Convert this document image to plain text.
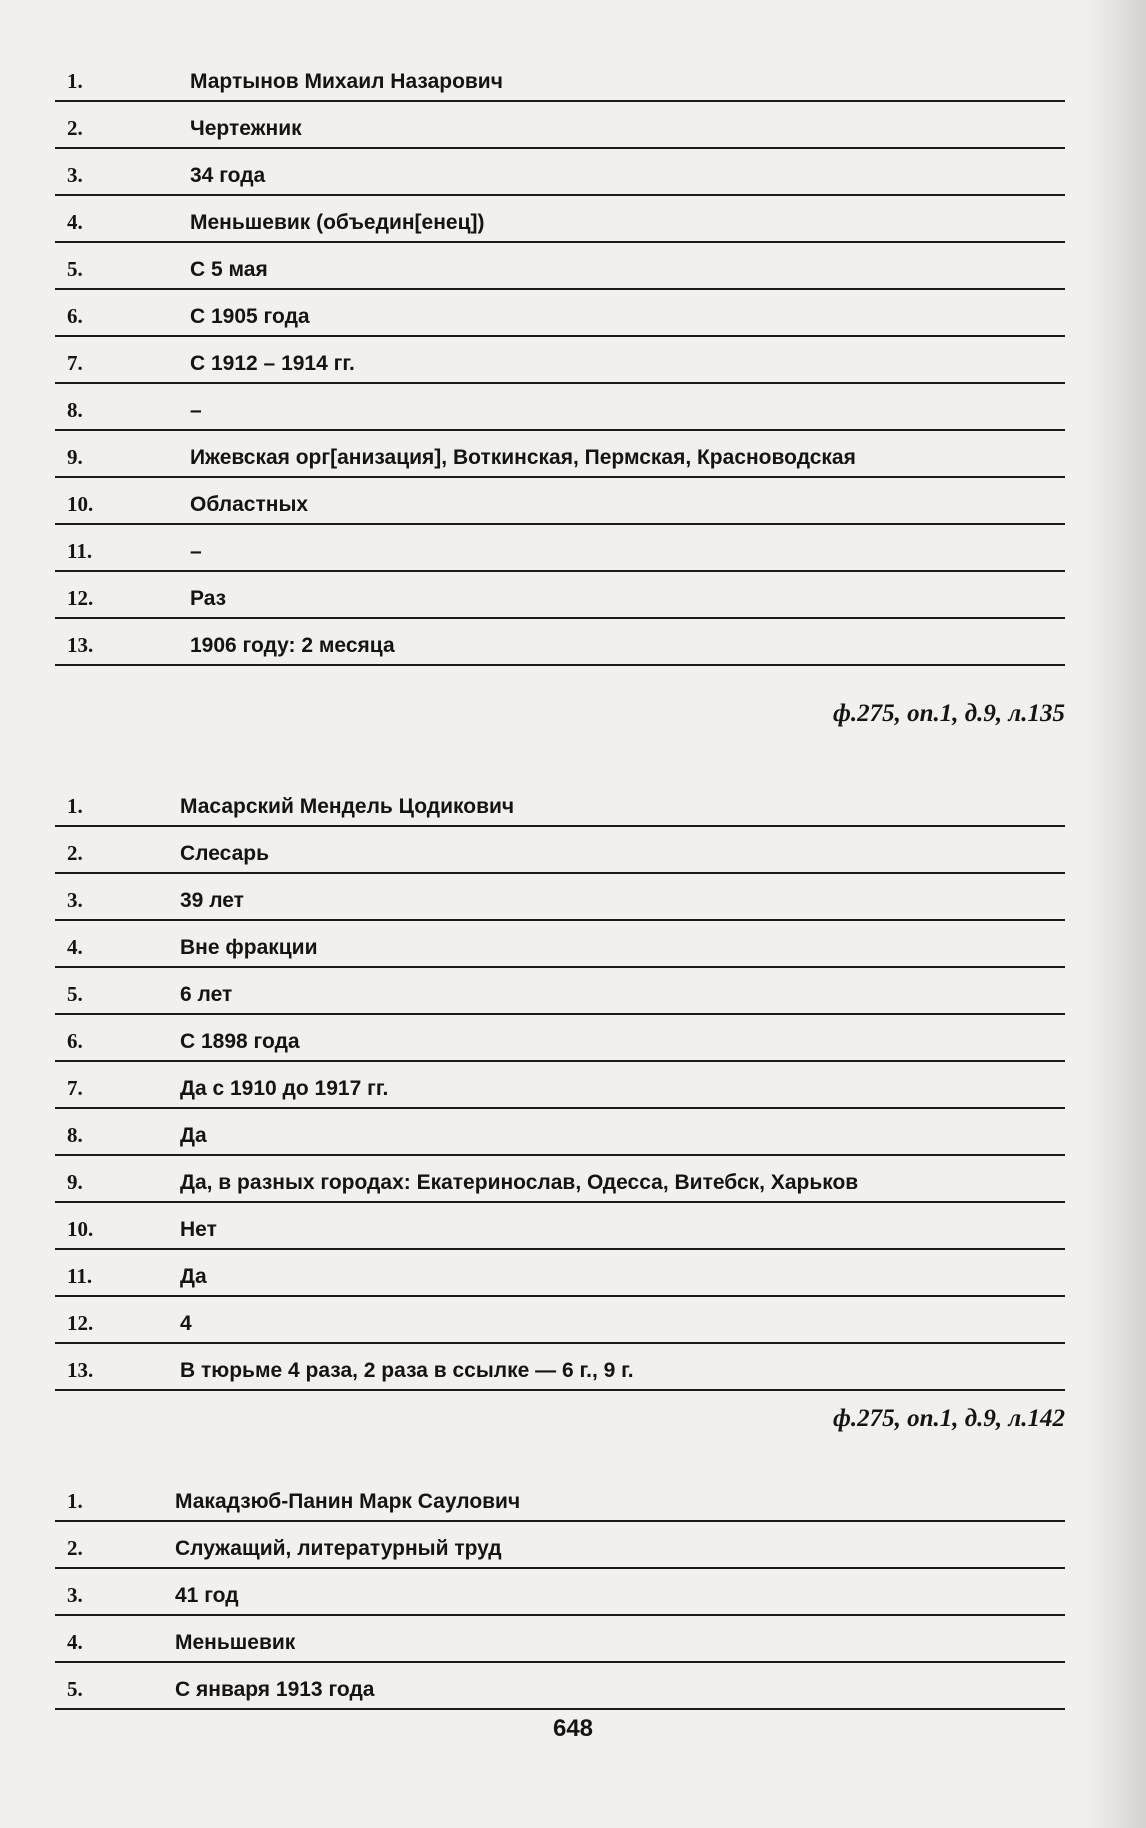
1.	Мартынов Михаил Назарович
2.	Чертежник
3.	34 года
4.	Меньшевик (объедин[енец])
5.	С 5 мая
6.	С 1905 года
7.	С 1912 – 1914 гг.
8.	–
9.	Ижевская орг[анизация], Воткинская, Пермская, Красноводская
10.	Областных
11.	–
12.	Раз
13.	1906 году: 2 месяца
ф.275, оп.1, д.9, л.135
1.	Масарский Мендель Цодикович
2.	Слесарь
3.	39 лет
4.	Вне фракции
5.	6 лет
6.	С 1898 года
7.	Да с 1910 до 1917 гг.
8.	Да
9.	Да, в разных городах: Екатеринослав, Одесса, Витебск, Харьков
10.	Нет
11.	Да
12.	4
13.	В тюрьме 4 раза, 2 раза в ссылке — 6 г., 9 г.
ф.275, оп.1, д.9, л.142
1.	Макадзюб-Панин Марк Саулович
2.	Служащий, литературный труд
3.	41 год
4.	Меньшевик
5.	С января 1913 года
648
